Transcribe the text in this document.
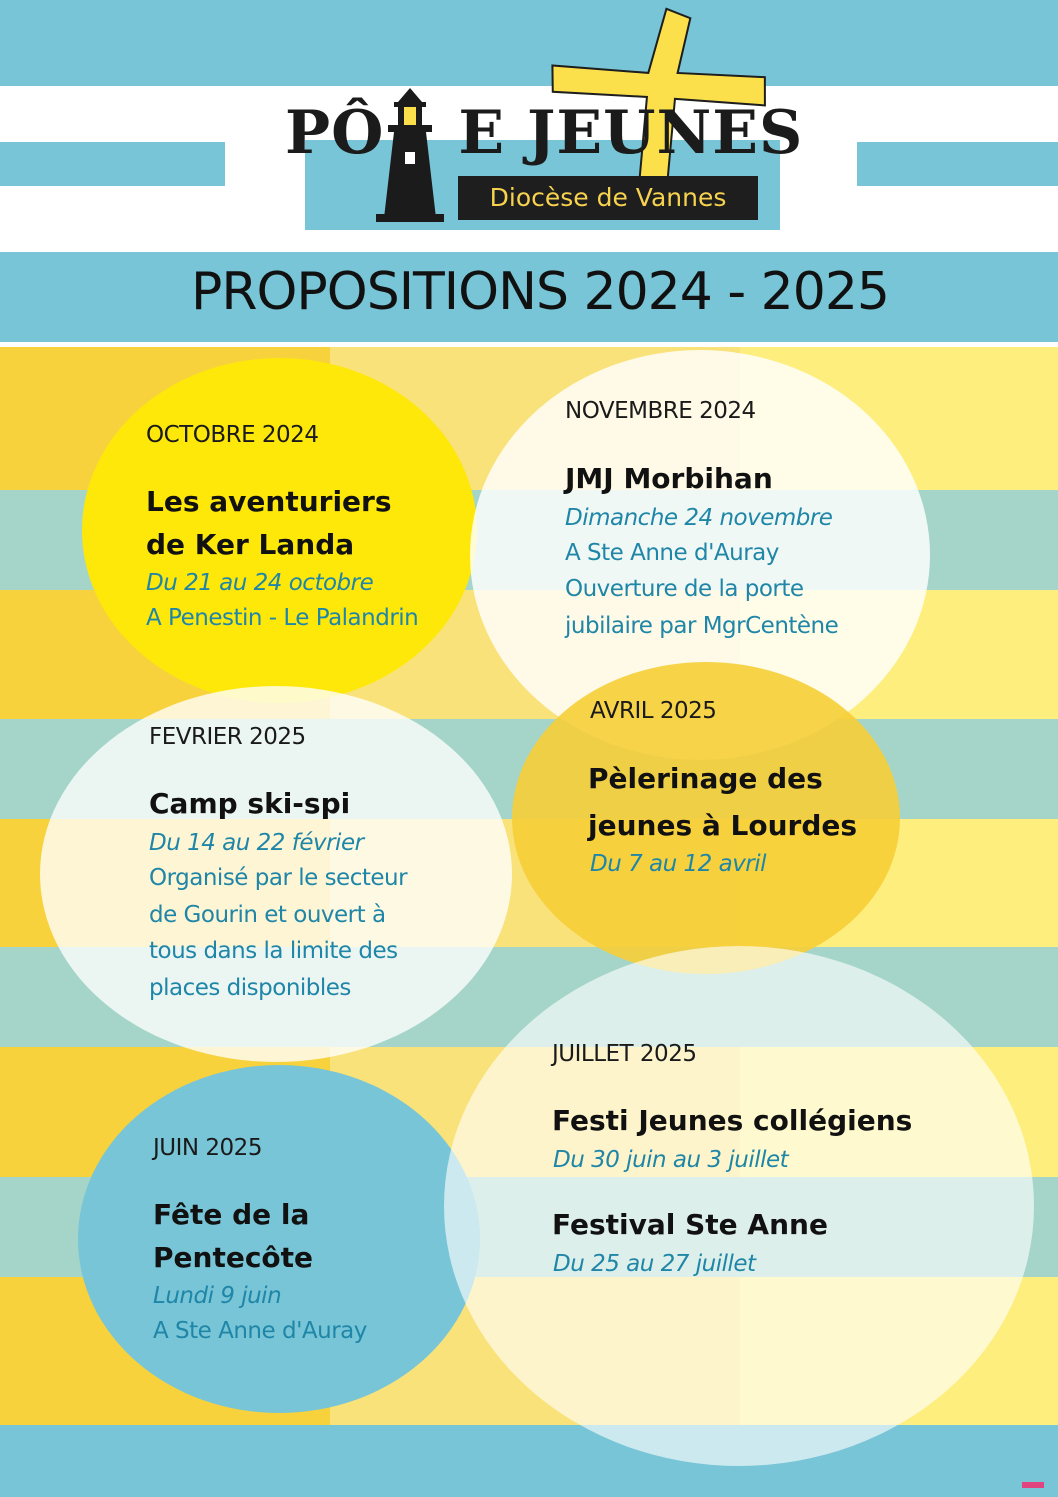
PÔ E JEUNES
Diocèse de Vannes
PROPOSITIONS 2024 - 2025
OCTOBRE 2024
Les aventuriers
de Ker Landa
Du 21 au 24 octobre
A Penestin - Le Palandrin
NOVEMBRE 2024
JMJ Morbihan
Dimanche 24 novembre
A Ste Anne d'Auray
Ouverture de la porte
jubilaire par MgrCentène
FEVRIER 2025
Camp ski-spi
Du 14 au 22 février
Organisé par le secteur
de Gourin et ouvert à
tous dans la limite des
places disponibles
AVRIL 2025
Pèlerinage des
jeunes à Lourdes
Du 7 au 12 avril
JUIN 2025
Fête de la
Pentecôte
Lundi 9 juin
A Ste Anne d'Auray
JUILLET 2025
Festi Jeunes collégiens
Du 30 juin au 3 juillet
Festival Ste Anne
Du 25 au 27 juillet
